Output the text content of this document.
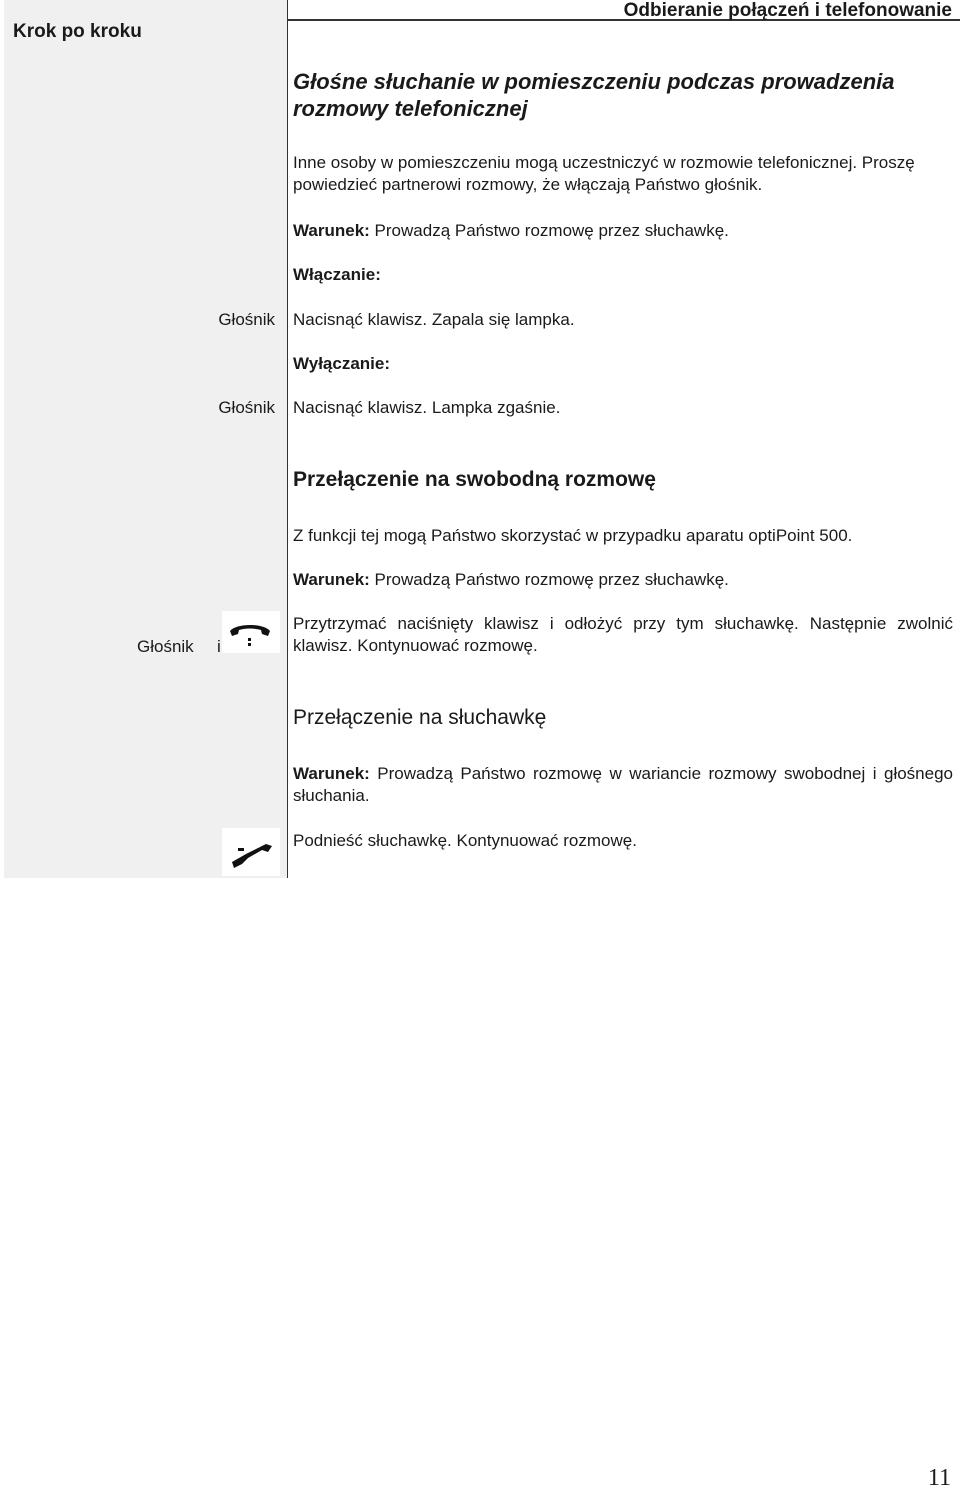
Krok po kroku
Odbieranie połączeń i telefonowanie
Głośne słuchanie w pomieszczeniu podczas prowadzenia rozmowy telefonicznej
Inne osoby w pomieszczeniu mogą uczestniczyć w rozmowie telefonicznej. Proszę powiedzieć partnerowi rozmowy, że włączają Państwo głośnik.
Warunek: Prowadzą Państwo rozmowę przez słuchawkę.
Włączanie:
Głośnik Nacisnąć klawisz. Zapala się lampka.
Wyłączanie:
Głośnik Nacisnąć klawisz. Lampka zgaśnie.
Przełączenie na swobodną rozmowę
Z funkcji tej mogą Państwo skorzystać w przypadku aparatu optiPoint 500.
Warunek: Prowadzą Państwo rozmowę przez słuchawkę.
Głośnik i
Przytrzymać naciśnięty klawisz i odłożyć przy tym słuchawkę. Następnie zwolnić klawisz. Kontynuować rozmowę.
Przełączenie na słuchawkę
Warunek: Prowadzą Państwo rozmowę w wariancie rozmowy swobodnej i głośnego słuchania.
Podnieść słuchawkę. Kontynuować rozmowę.
11
